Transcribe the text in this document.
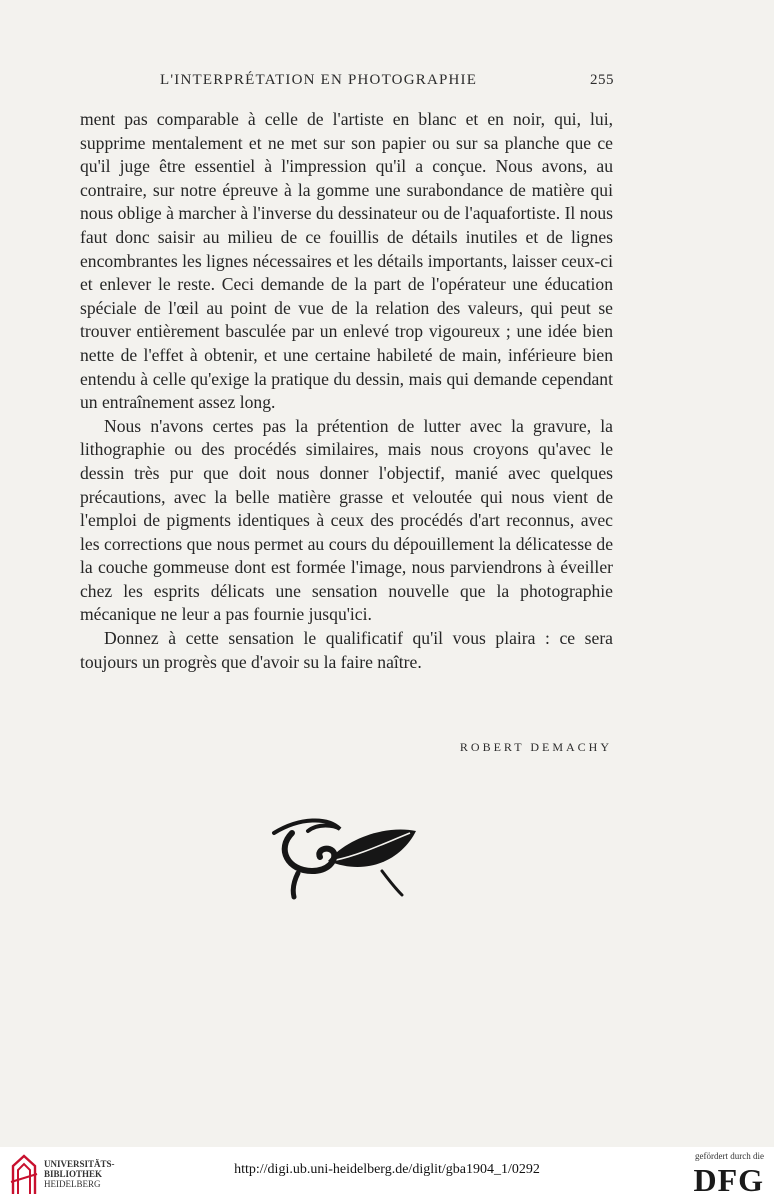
L'INTERPRÉTATION EN PHOTOGRAPHIE	255

ment pas comparable à celle de l'artiste en blanc et en noir, qui, lui, supprime mentalement et ne met sur son papier ou sur sa planche que ce qu'il juge être essentiel à l'impression qu'il a conçue. Nous avons, au contraire, sur notre épreuve à la gomme une surabondance de matière qui nous oblige à marcher à l'inverse du dessinateur ou de l'aquafortiste. Il nous faut donc saisir au milieu de ce fouillis de détails inutiles et de lignes encombrantes les lignes nécessaires et les détails importants, laisser ceux-ci et enlever le reste. Ceci demande de la part de l'opérateur une éducation spéciale de l'œil au point de vue de la relation des valeurs, qui peut se trouver entièrement basculée par un enlevé trop vigoureux ; une idée bien nette de l'effet à obtenir, et une certaine habileté de main, inférieure bien entendu à celle qu'exige la pratique du dessin, mais qui demande cependant un entraînement assez long.

Nous n'avons certes pas la prétention de lutter avec la gravure, la lithographie ou des procédés similaires, mais nous croyons qu'avec le dessin très pur que doit nous donner l'objectif, manié avec quelques précautions, avec la belle matière grasse et veloutée qui nous vient de l'emploi de pigments identiques à ceux des procédés d'art reconnus, avec les corrections que nous permet au cours du dépouillement la délicatesse de la couche gommeuse dont est formée l'image, nous parviendrons à éveiller chez les esprits délicats une sensation nouvelle que la photographie mécanique ne leur a pas fournie jusqu'ici.

Donnez à cette sensation le qualificatif qu'il vous plaira : ce sera toujours un progrès que d'avoir su la faire naître.

ROBERT DEMACHY
UNIVERSITÄTS-
BIBLIOTHEK
HEIDELBERG
http://digi.ub.uni-heidelberg.de/diglit/gba1904_1/0292
gefördert durch die
DFG
